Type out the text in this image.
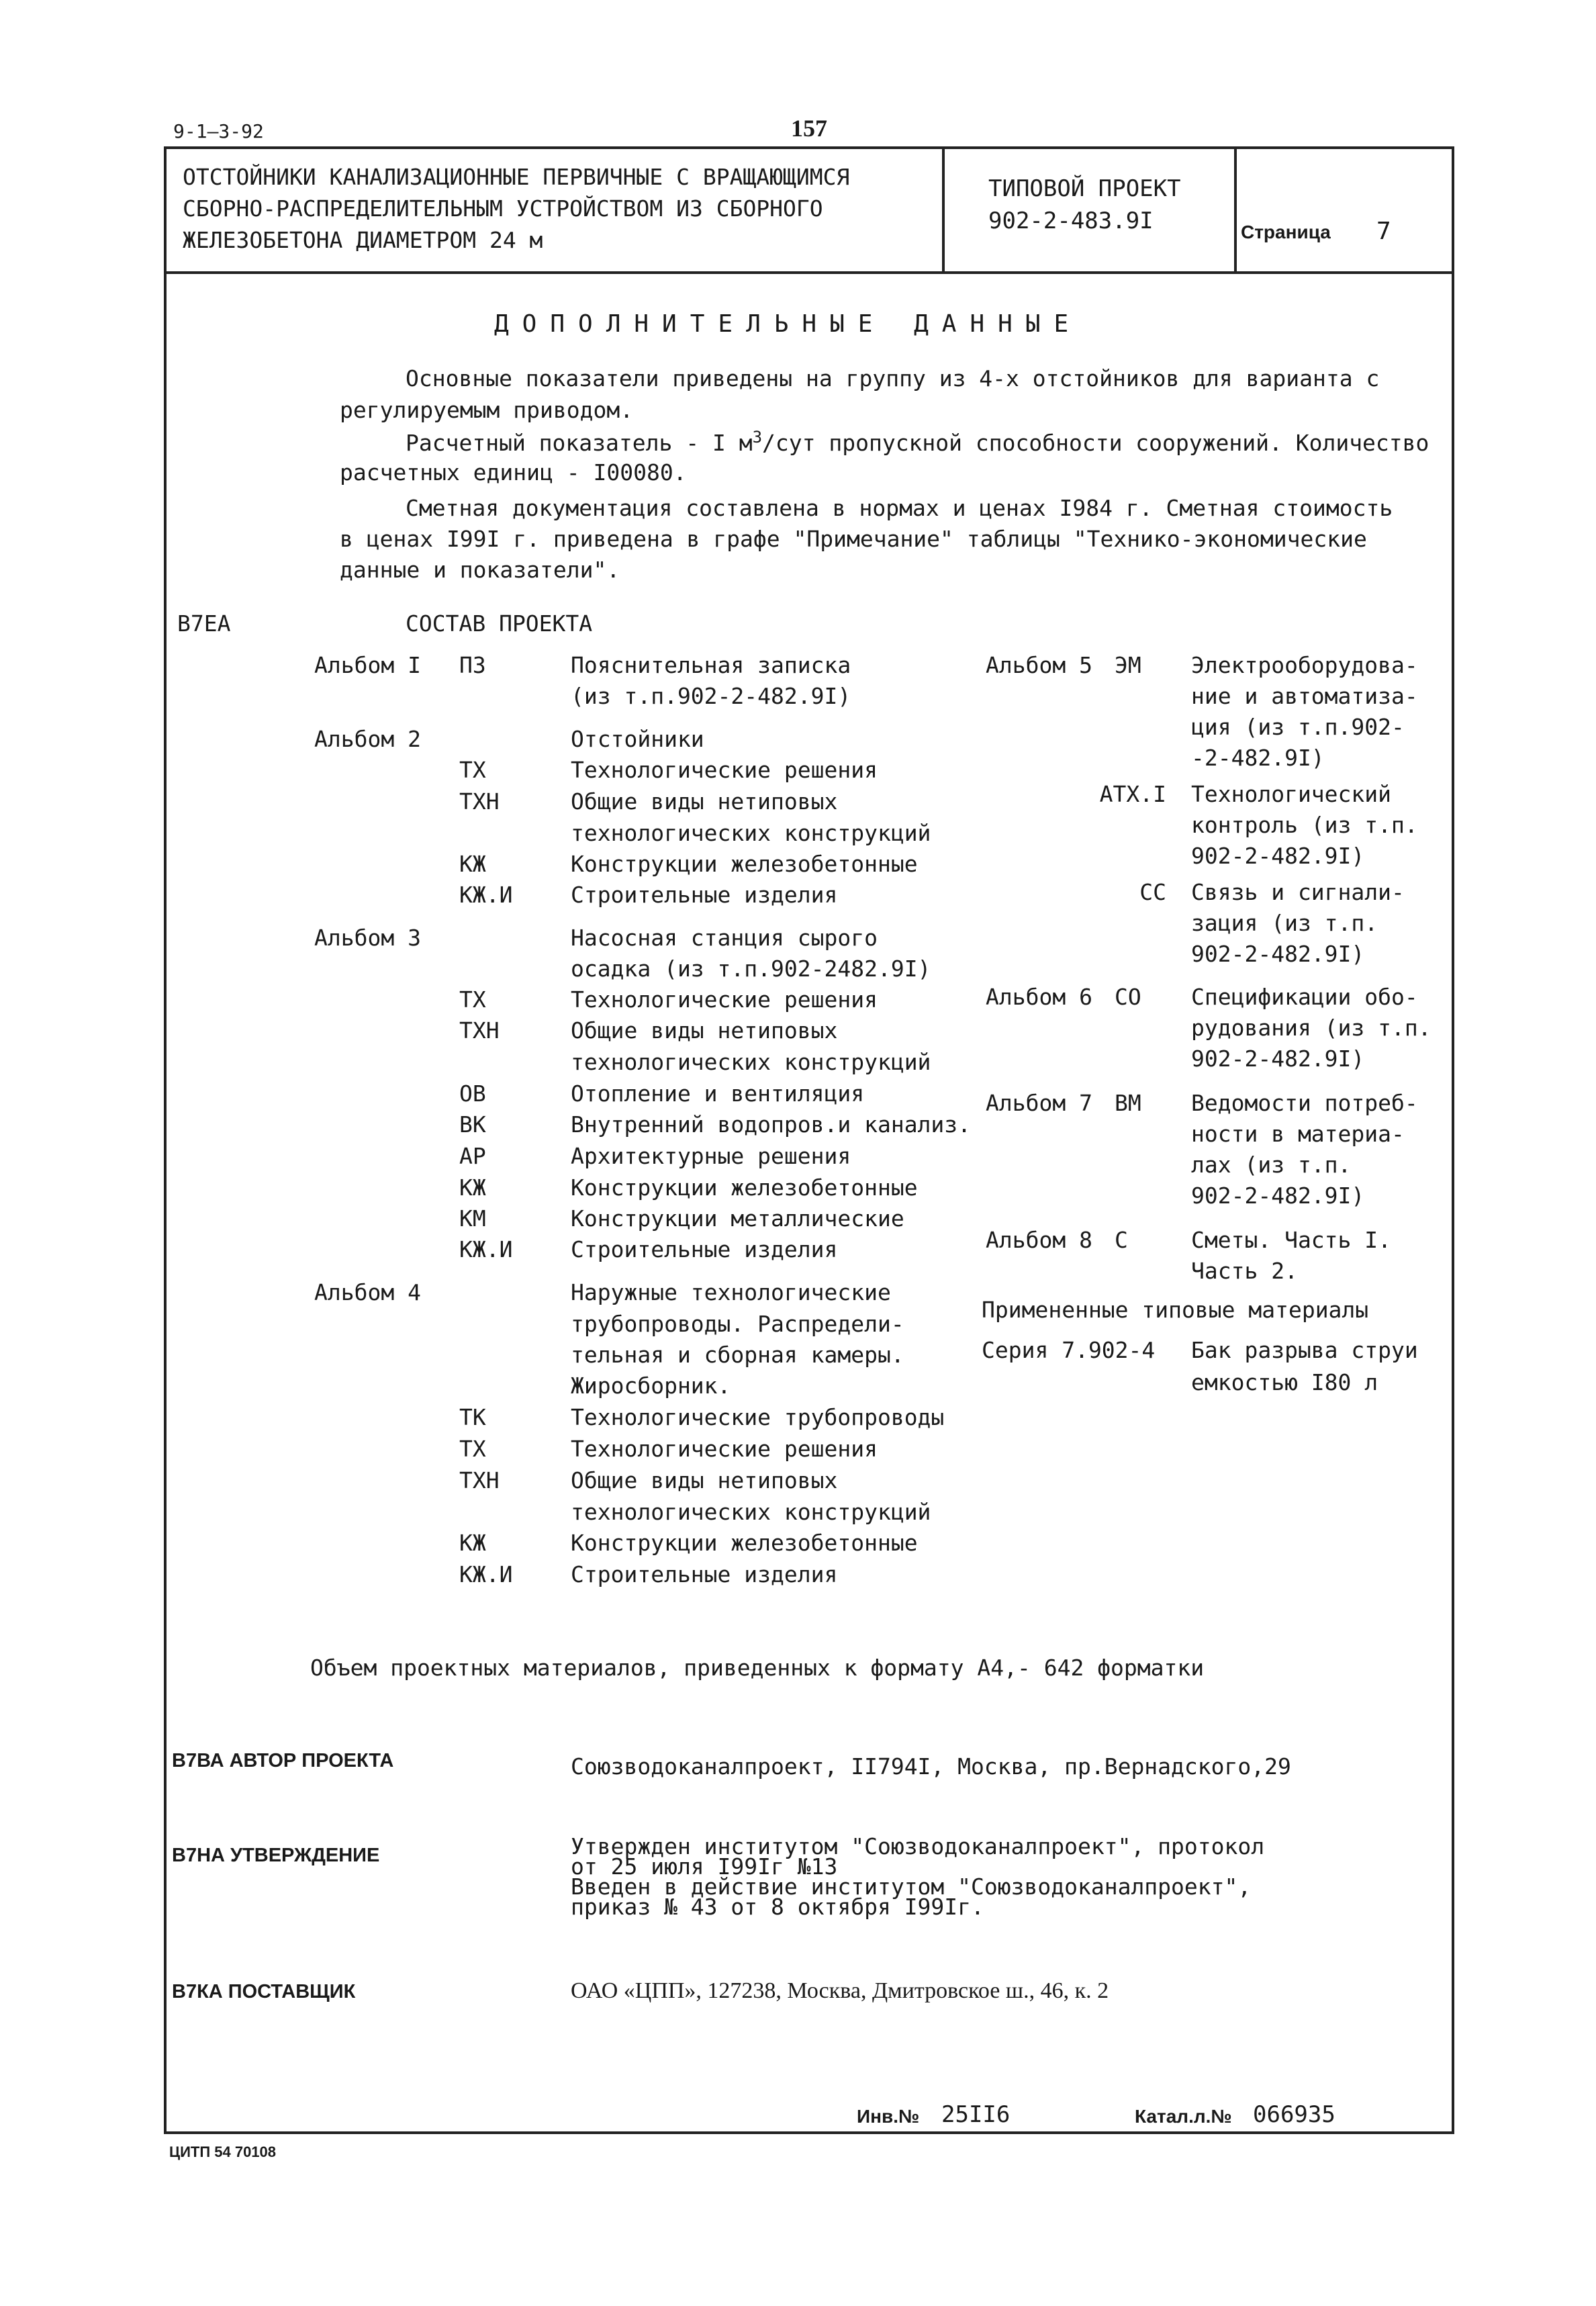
9-1—3-92	157
ОТСТОЙНИКИ КАНАЛИЗАЦИОННЫЕ ПЕРВИЧНЫЕ С ВРАЩАЮЩИМСЯ
СБОРНО-РАСПРЕДЕЛИТЕЛЬНЫМ УСТРОЙСТВОМ ИЗ СБОРНОГО
ЖЕЛЕЗОБЕТОНА ДИАМЕТРОМ 24 м
ТИПОВОЙ ПРОЕКТ
902-2-483.9I	Страница 7
ДОПОЛНИТЕЛЬНЫЕ ДАННЫЕ
Основные показатели приведены на группу из 4-х отстойников для варианта с
регулируемым приводом.
Расчетный показатель - I $м^3$/сут пропускной способности сооружений. Количество
расчетных единиц - I00080.
Сметная документация составлена в нормах и ценах I984 г. Сметная стоимость
в ценах I99I г. приведена в графе "Примечание" таблицы "Технико-экономические
данные и показатели".
В7ЕА	СОСТАВ ПРОЕКТА
Альбом I ПЗ	Пояснительная записка
(из т.п.902-2-482.9I)
Альбом 2	Отстойники
ТХ	Технологические решения
ТХН	Общие виды нетиповых
технологических конструкций
КЖ	Конструкции железобетонные
КЖ.И	Строительные изделия
Альбом 3	Насосная станция сырого
осадка (из т.п.902-2482.9I)
ТХ	Технологические решения
ТХН	Общие виды нетиповых
технологических конструкций
ОВ	Отопление и вентиляция
ВК	Внутренний водопров.и канализ.
АР	Архитектурные решения
КЖ	Конструкции железобетонные
КМ	Конструкции металлические
КЖ.И	Строительные изделия
Альбом 4	Наружные технологические
трубопроводы. Распредели-
тельная и сборная камеры.
Жиросборник.
ТК	Технологические трубопроводы
ТХ	Технологические решения
ТХН	Общие виды нетиповых
технологических конструкций
КЖ	Конструкции железобетонные
КЖ.И	Строительные изделия
Альбом 5 ЭМ Электрооборудова-
ние и автоматиза-
ция (из т.п.902-
-2-482.9I)
АТХ.I Технологический
контроль (из т.п.
902-2-482.9I)
СС Связь и сигнали-
зация (из т.п.
902-2-482.9I)
Альбом 6 СО Спецификации обо-
рудования (из т.п.
902-2-482.9I)
Альбом 7 ВМ Ведомости потреб-
ности в материа-
лах (из т.п.
902-2-482.9I)
Альбом 8 С	Сметы. Часть I.
Часть 2.
Примененные типовые материалы
Серия 7.902-4 Бак разрыва струи
емкостью I80 л
Объем проектных материалов, приведенных к формату А4,- 642 форматки
В7ВА АВТОР ПРОЕКТА	Союзводоканалпроект, II794I, Москва, пр.Вернадского,29
В7НА УТВЕРЖДЕНИЕ	Утвержден институтом "Союзводоканалпроект", протокол
от 25 июля I99Iг №13
Введен в действие институтом "Союзводоканалпроект",
приказ № 43 от 8 октября I99Iг.
В7КА ПОСТАВЩИК	ОАО «ЦПП», 127238, Москва, Дмитровское ш., 46, к. 2
Инв.№ 25II6	Катал.л.№ 066935
ЦИТП 54 70108
